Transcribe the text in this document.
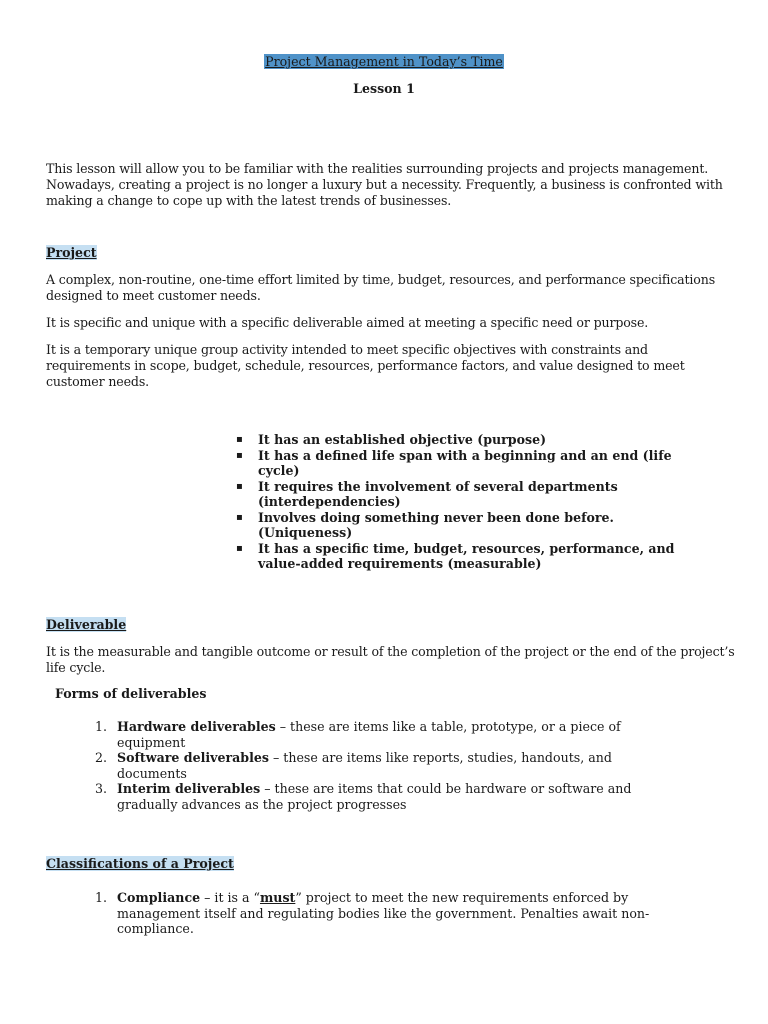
Project Management in Today’s Time
Lesson 1
This lesson will allow you to be familiar with the realities surrounding projects and projects management. Nowadays, creating a project is no longer a luxury but a necessity. Frequently, a business is confronted with making a change to cope up with the latest trends of businesses.
Project
A complex, non-routine, one-time effort limited by time, budget, resources, and performance specifications designed to meet customer needs.
It is specific and unique with a specific deliverable aimed at meeting a specific need or purpose.
It is a temporary unique group activity intended to meet specific objectives with constraints and requirements in scope, budget, schedule, resources, performance factors, and value designed to meet customer needs.
▪ It has an established objective (purpose)
▪ It has a defined life span with a beginning and an end (life cycle)
▪ It requires the involvement of several departments (interdependencies)
▪ Involves doing something never been done before. (Uniqueness)
▪ It has a specific time, budget, resources, performance, and value-added requirements (measurable)
Deliverable
It is the measurable and tangible outcome or result of the completion of the project or the end of the project’s life cycle.
Forms of deliverables
1. Hardware deliverables – these are items like a table, prototype, or a piece of equipment
2. Software deliverables – these are items like reports, studies, handouts, and documents
3. Interim deliverables – these are items that could be hardware or software and gradually advances as the project progresses
Classifications of a Project
1. Compliance – it is a “must” project to meet the new requirements enforced by management itself and regulating bodies like the government. Penalties await non-compliance.
